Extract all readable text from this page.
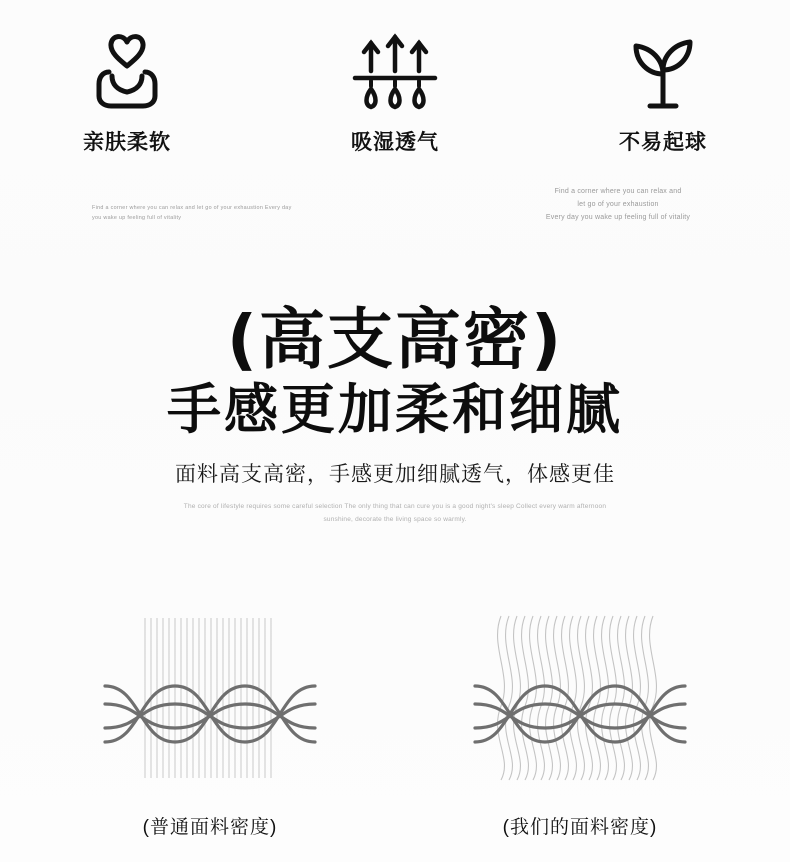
亲肤柔软	吸湿透气	不易起球
Find a corner where you can relax and let go of your exhaustion Every day you wake up feeling full of vitality
Find a corner where you can relax and
let go of your exhaustion
Every day you wake up feeling full of vitality
(高支高密)
手感更加柔和细腻
面料高支高密，手感更加细腻透气，体感更佳
The core of lifestyle requires some careful selection The only thing that can cure you is a good night's sleep Collect every warm afternoon sunshine, decorate the living space so warmly.
(普通面料密度)	(我们的面料密度)
